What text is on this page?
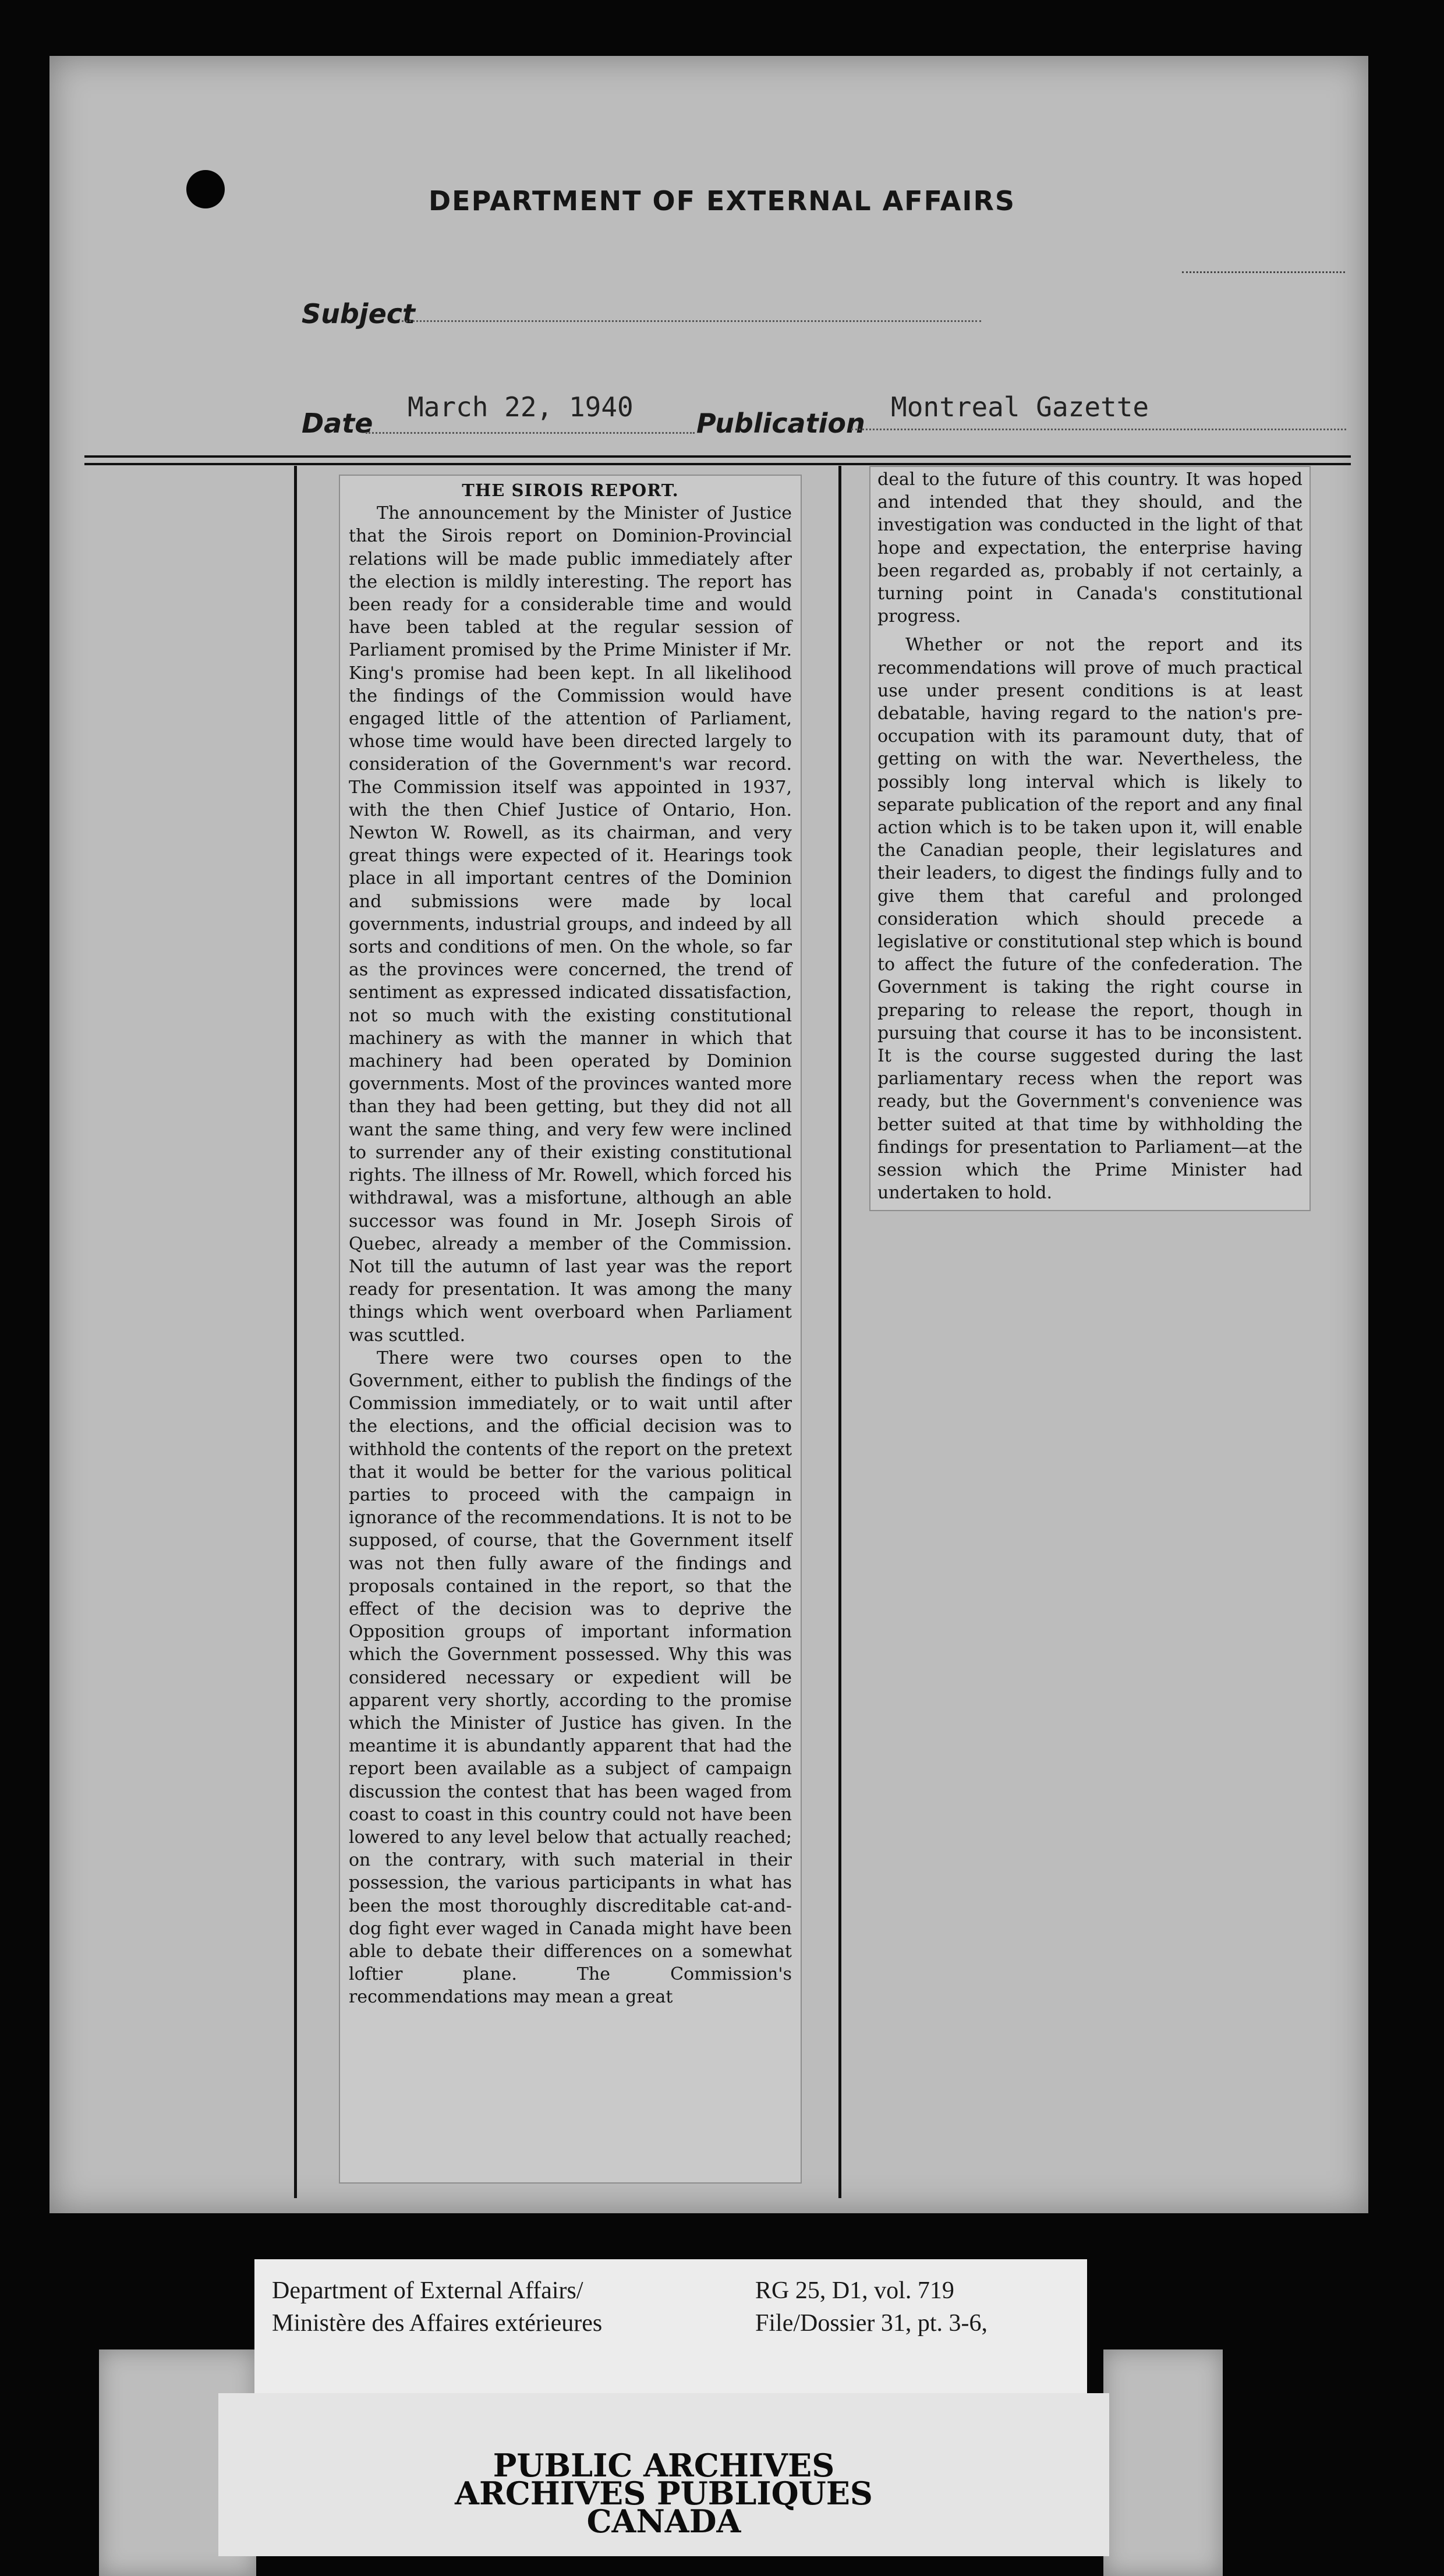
DEPARTMENT OF EXTERNAL AFFAIRS
Subject
Date
March 22, 1940
Publication
Montreal Gazette

THE SIROIS REPORT.

The announcement by the Minister of Justice that the Sirois report on Dominion-Provincial relations will be made public immediately after the election is mildly interesting. The report has been ready for a considerable time and would have been tabled at the regular session of Parliament promised by the Prime Minister if Mr. King's promise had been kept. In all likelihood the findings of the Commission would have engaged little of the attention of Parliament, whose time would have been directed largely to consideration of the Government's war record. The Commission itself was appointed in 1937, with the then Chief Justice of Ontario, Hon. Newton W. Rowell, as its chairman, and very great things were expected of it. Hearings took place in all important centres of the Dominion and submissions were made by local governments, industrial groups, and indeed by all sorts and conditions of men. On the whole, so far as the provinces were concerned, the trend of sentiment as expressed indicated dissatisfaction, not so much with the existing constitutional machinery as with the manner in which that machinery had been operated by Dominion governments. Most of the provinces wanted more than they had been getting, but they did not all want the same thing, and very few were inclined to surrender any of their existing constitutional rights. The illness of Mr. Rowell, which forced his withdrawal, was a misfortune, although an able successor was found in Mr. Joseph Sirois of Quebec, already a member of the Commission. Not till the autumn of last year was the report ready for presentation. It was among the many things which went overboard when Parliament was scuttled.

There were two courses open to the Government, either to publish the findings of the Commission immediately, or to wait until after the elections, and the official decision was to withhold the contents of the report on the pretext that it would be better for the various political parties to proceed with the campaign in ignorance of the recommendations. It is not to be supposed, of course, that the Government itself was not then fully aware of the findings and proposals contained in the report, so that the effect of the decision was to deprive the Opposition groups of important information which the Government possessed. Why this was considered necessary or expedient will be apparent very shortly, according to the promise which the Minister of Justice has given. In the meantime it is abundantly apparent that had the report been available as a subject of campaign discussion the contest that has been waged from coast to coast in this country could not have been lowered to any level below that actually reached; on the contrary, with such material in their possession, the various participants in what has been the most thoroughly discreditable cat-and-dog fight ever waged in Canada might have been able to debate their differences on a somewhat loftier plane. The Commission's recommendations may mean a great

deal to the future of this country. It was hoped and intended that they should, and the investigation was conducted in the light of that hope and expectation, the enterprise having been regarded as, probably if not certainly, a turning point in Canada's constitutional progress.

Whether or not the report and its recommendations will prove of much practical use under present conditions is at least debatable, having regard to the nation's pre-occupation with its paramount duty, that of getting on with the war. Nevertheless, the possibly long interval which is likely to separate publication of the report and any final action which is to be taken upon it, will enable the Canadian people, their legislatures and their leaders, to digest the findings fully and to give them that careful and prolonged consideration which should precede a legislative or constitutional step which is bound to affect the future of the confederation. The Government is taking the right course in preparing to release the report, though in pursuing that course it has to be inconsistent. It is the course suggested during the last parliamentary recess when the report was ready, but the Government's convenience was better suited at that time by withholding the findings for presentation to Parliament—at the session which the Prime Minister had undertaken to hold.

Department of External Affairs/
Ministère des Affaires extérieures
RG 25, D1, vol. 719
File/Dossier 31, pt. 3-6,
PUBLIC ARCHIVES
ARCHIVES PUBLIQUES
CANADA
